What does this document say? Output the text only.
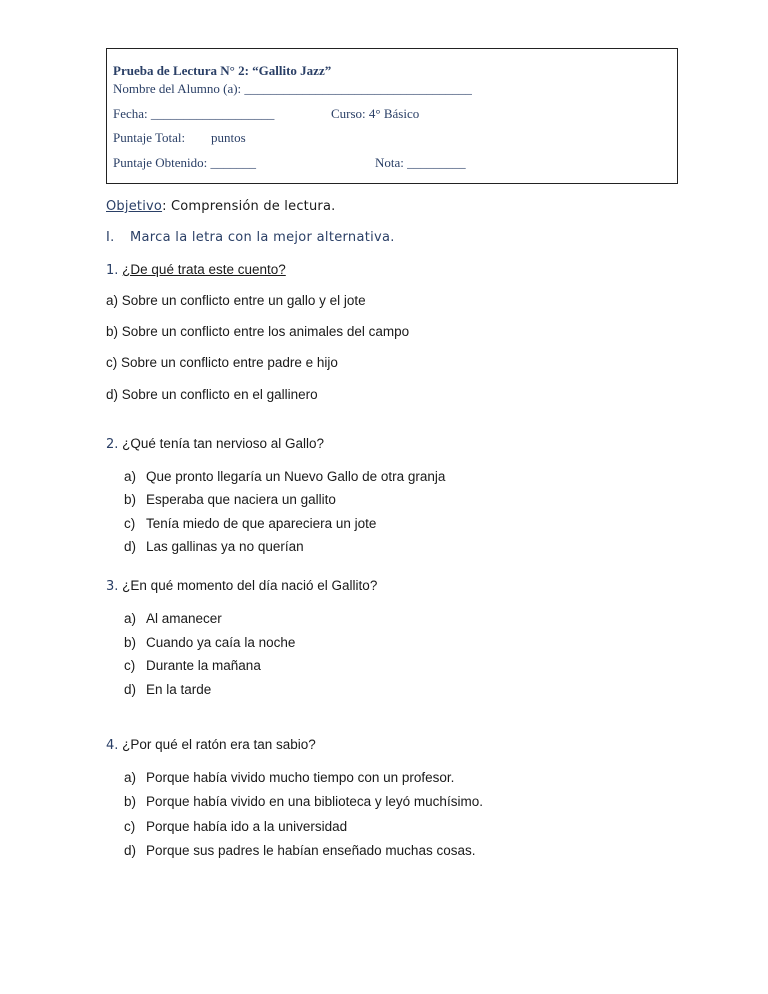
Prueba de Lectura N° 2: “Gallito Jazz”
Nombre del Alumno (a): ___________________________________
Fecha: ___________________	Curso: 4° Básico
Puntaje Total: puntos
Puntaje Obtenido: _______	Nota: _________
Objetivo: Comprensión de lectura.
I. Marca la letra con la mejor alternativa.
1. ¿De qué trata este cuento?
a) Sobre un conflicto entre un gallo y el jote
b) Sobre un conflicto entre los animales del campo
c) Sobre un conflicto entre padre e hijo
d) Sobre un conflicto en el gallinero
2. ¿Qué tenía tan nervioso al Gallo?
a) Que pronto llegaría un Nuevo Gallo de otra granja
b) Esperaba que naciera un gallito
c) Tenía miedo de que apareciera un jote
d) Las gallinas ya no querían
3. ¿En qué momento del día nació el Gallito?
a) Al amanecer
b) Cuando ya caía la noche
c) Durante la mañana
d) En la tarde
4. ¿Por qué el ratón era tan sabio?
a) Porque había vivido mucho tiempo con un profesor.
b) Porque había vivido en una biblioteca y leyó muchísimo.
c) Porque había ido a la universidad
d) Porque sus padres le habían enseñado muchas cosas.
